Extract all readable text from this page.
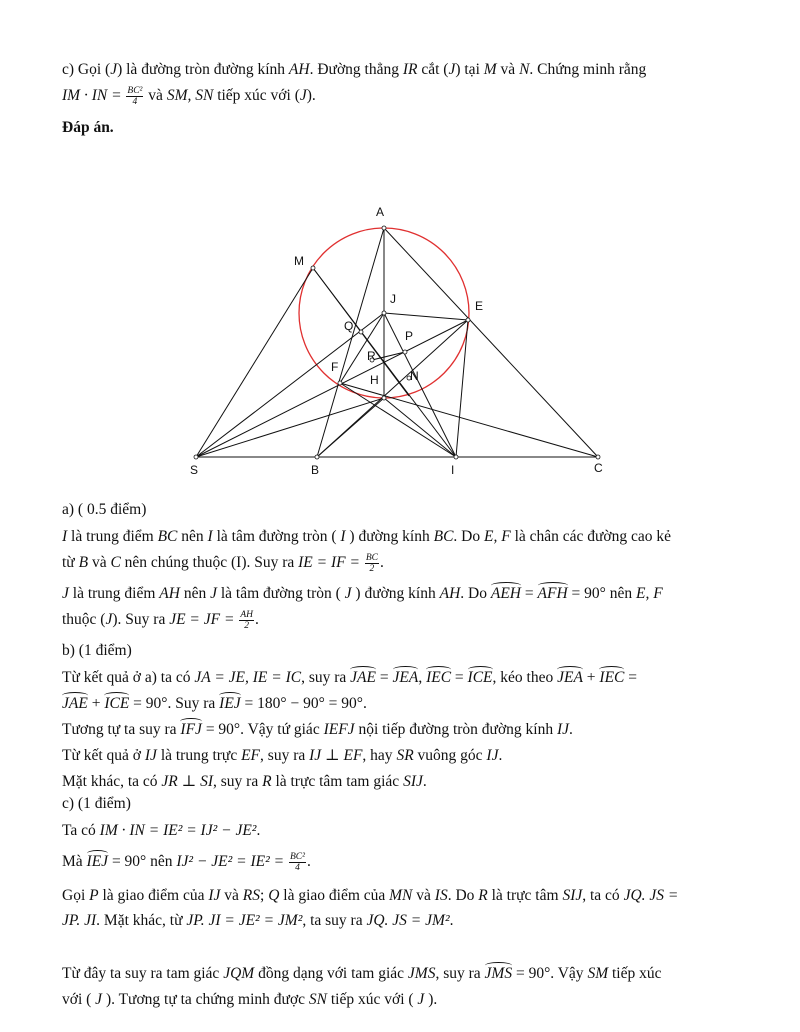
c) Gọi (J) là đường tròn đường kính AH. Đường thẳng IR cắt (J) tại M và N. Chứng minh rằng
IM · IN = $\frac{\text{BC²}}{4}$ và SM, SN tiếp xúc với (J).
Đáp án.
A
M
J	E
Q
P
R
F
H	N
S	B	I	C
a) ( 0.5 điểm)
I là trung điểm BC nên I là tâm đường tròn ( I ) đường kính BC. Do E, F là chân các đường cao kẻ
từ B và C nên chúng thuộc (I). Suy ra IE = IF = $\frac{BC}{2}$ .
J là trung điểm AH nên J là tâm đường tròn ( J ) đường kính AH. Do AEH = AFH = 90° nên E, F
thuộc (J). Suy ra JE = JF = $\frac{AH}{2}$ .
b) (1 điểm)
Từ kết quả ở a) ta có JA = JE, IE = IC, suy ra JAE = JEA, IEC = ICE, kéo theo JEA + IEC =
JAE + ICE = 90°. Suy ra IEJ = 180° − 90° = 90°.
Tương tự ta suy ra IFJ = 90°. Vậy tứ giác IEFJ nội tiếp đường tròn đường kính IJ.
Từ kết quả ở IJ là trung trực EF, suy ra IJ ⊥ EF, hay SR vuông góc IJ.
Mặt khác, ta có JR ⊥ SI, suy ra R là trực tâm tam giác SIJ.
c) (1 điểm)
Ta có IM · IN = IE² = IJ² − JE².
Mà IEJ = 90° nên $IJ^2 - JE^2 = IE^2 = \frac{\text{BC²}}{4}$ .
Gọi P là giao điểm của IJ và RS; Q là giao điểm của MN và IS. Do R là trực tâm SIJ, ta có JQ. JS =
JP. JI. Mặt khác, từ JP. JI = JE² = JM², ta suy ra JQ. JS = JM².
Từ đây ta suy ra tam giác JQM đồng dạng với tam giác JMS, suy ra JMS = 90°. Vậy SM tiếp xúc
với ( J ). Tương tự ta chứng minh được SN tiếp xúc với ( J ).
